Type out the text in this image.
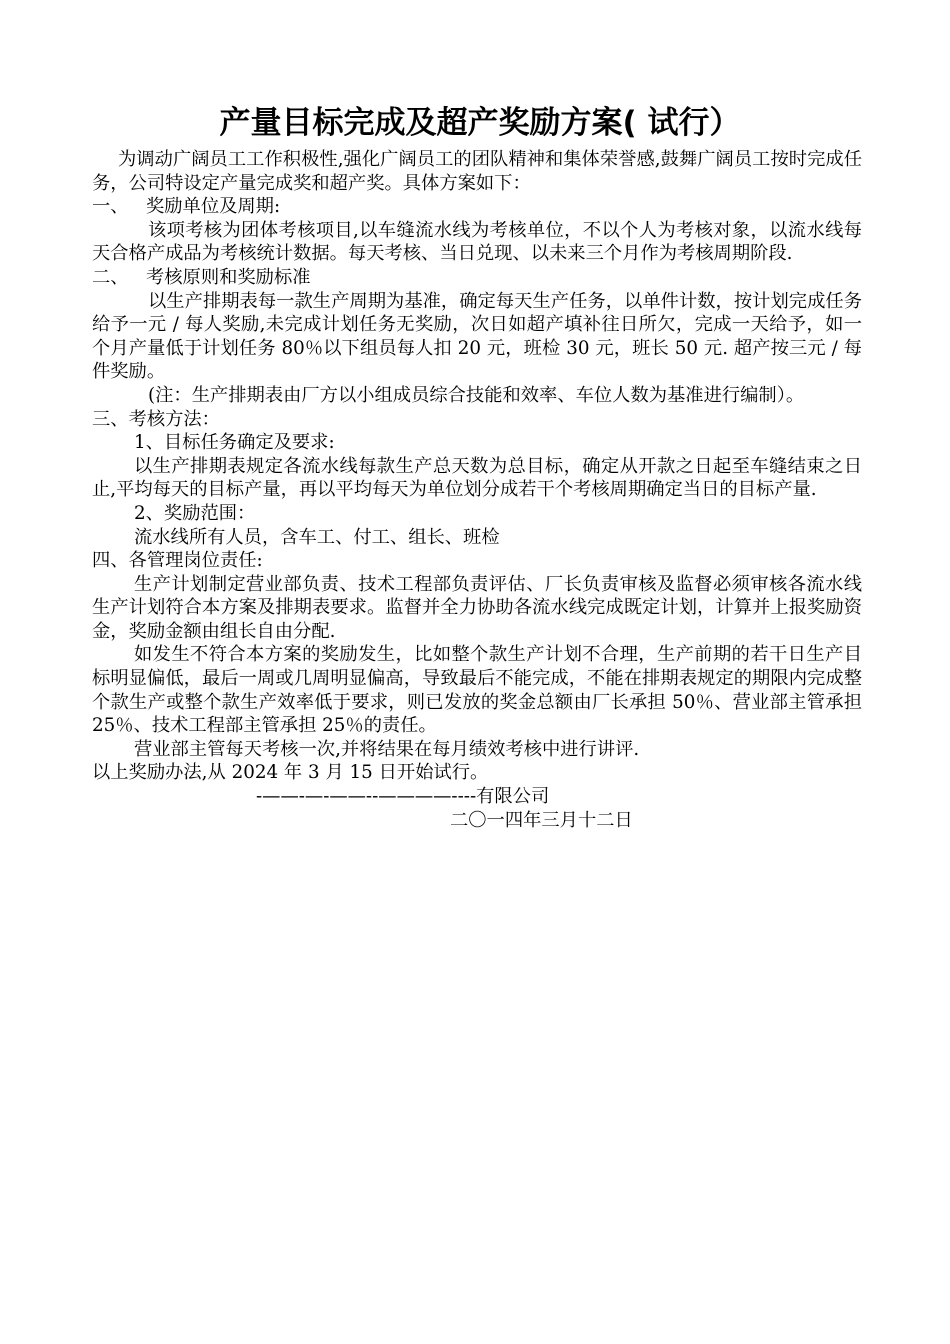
产量目标完成及超产奖励方案( 试行）

为调动广阔员工工作积极性,强化广阔员工的团队精神和集体荣誉感,鼓舞广阔员工按时完成任务，公司特设定产量完成奖和超产奖。具体方案如下：

一、   奖励单位及周期:

该项考核为团体考核项目,以车缝流水线为考核单位，不以个人为考核对象，以流水线每天合格产成品为考核统计数据。每天考核、当日兑现、以未来三个月作为考核周期阶段.

二、   考核原则和奖励标准

以生产排期表每一款生产周期为基准，确定每天生产任务，以单件计数，按计划完成任务给予一元 / 每人奖励,未完成计划任务无奖励，次日如超产填补往日所欠，完成一天给予，如一个月产量低于计划任务 80％以下组员每人扣 20 元，班检 30 元，班长 50 元. 超产按三元 / 每件奖励。

(注：生产排期表由厂方以小组成员综合技能和效率、车位人数为基准进行编制）。

三、考核方法：

1、目标任务确定及要求:

以生产排期表规定各流水线每款生产总天数为总目标，确定从开款之日起至车缝结束之日止,平均每天的目标产量，再以平均每天为单位划分成若干个考核周期确定当日的目标产量.

2、奖励范围：

流水线所有人员，含车工、付工、组长、班检

四、各管理岗位责任:

生产计划制定营业部负责、技术工程部负责评估、厂长负责审核及监督必须审核各流水线生产计划符合本方案及排期表要求。监督并全力协助各流水线完成既定计划，计算并上报奖励资金，奖励金额由组长自由分配.

如发生不符合本方案的奖励发生，比如整个款生产计划不合理，生产前期的若干日生产目标明显偏低，最后一周或几周明显偏高，导致最后不能完成，不能在排期表规定的期限内完成整个款生产或整个款生产效率低于要求，则已发放的奖金总额由厂长承担 50％、营业部主管承担 25％、技术工程部主管承担 25％的责任。

营业部主管每天考核一次,并将结果在每月绩效考核中进行讲评.

以上奖励办法,从 2024 年 3 月 15 日开始试行。

-——-—-——--————----有限公司

二〇一四年三月十二日
